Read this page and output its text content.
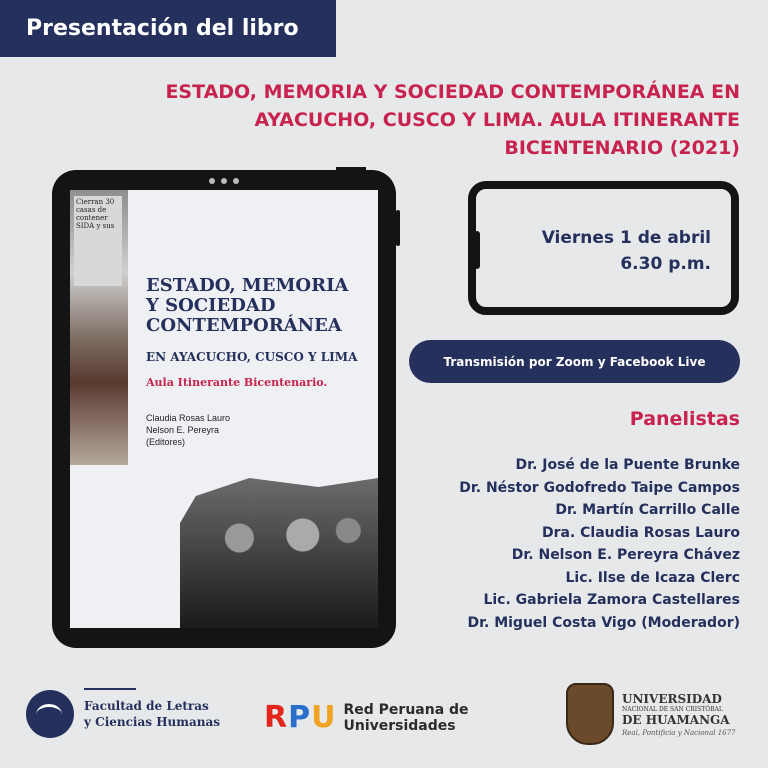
Presentación del libro
ESTADO, MEMORIA Y SOCIEDAD CONTEMPORÁNEA EN
AYACUCHO, CUSCO Y LIMA. AULA ITINERANTE
BICENTENARIO (2021)
Cierran 30 casas de contener SIDA y sus
ESTADO, MEMORIA
Y SOCIEDAD
CONTEMPORÁNEA
EN AYACUCHO, CUSCO Y LIMA
Aula Itinerante Bicentenario.
Claudia Rosas Lauro
Nelson E. Pereyra
(Editores)
Viernes 1 de abril
6.30 p.m.
Transmisión por Zoom y Facebook Live
Panelistas
Dr. José de la Puente Brunke
Dr. Néstor Godofredo Taipe Campos
Dr. Martín Carrillo Calle
Dra. Claudia Rosas Lauro
Dr. Nelson E. Pereyra Chávez
Lic. Ilse de Icaza Clerc
Lic. Gabriela Zamora Castellares
Dr. Miguel Costa Vigo (Moderador)
Facultad de Letras
y Ciencias Humanas R P U Red Peruana de
Universidades
UNIVERSIDAD
NACIONAL DE SAN CRISTÓBAL
DE HUAMANGA
Real, Pontificia y Nacional 1677
